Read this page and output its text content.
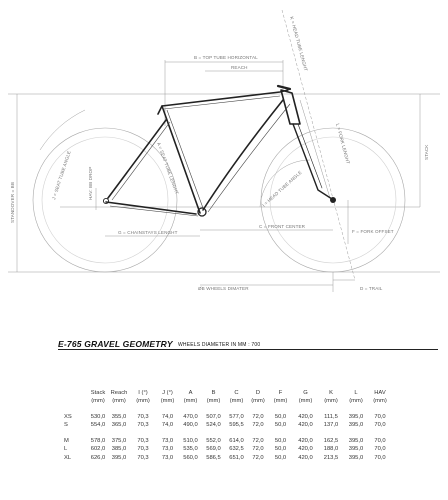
B = TOP TUBE HORIZONTAL
REACH	K = HEAD TUBE LENGHT
L = FORK LENGHT	STACK
A = SEAT TUBE LENGHT
J = SEAT TUBE ANGLE	HAV: BB DROP
STANDOVER = BB	I = HEAD TUBE ANGLE
G = CHAINSTAYS LENGHT
C = FRONT CENTER
F = FORK OFFSET
ØB WHEELS DIMATER	D = TRAIL
E-765 GRAVEL GEOMETRY WHEELS DIAMETER IN MM : 700
	Stack	Reach	I (°)	J (°)	A	B	C	D	F	G	K	L	HAV
	(mm)	(mm)	(mm)	(mm)	(mm)	(mm)	(mm)	(mm)	(mm)	(mm)	(mm)	(mm)	(mm)

XS	530,0	355,0	70,3	74,0	470,0	507,0	577,0	72,0	50,0	420,0	111,5	395,0	70,0
S	554,0	365,0	70,3	74,0	490,0	524,0	595,5	72,0	50,0	420,0	137,0	395,0	70,0

M	578,0	375,0	70,3	73,0	510,0	552,0	614,0	72,0	50,0	420,0	162,5	395,0	70,0
L	602,0	385,0	70,3	73,0	535,0	569,0	632,5	72,0	50,0	420,0	188,0	395,0	70,0
XL	626,0	395,0	70,3	73,0	560,0	586,5	651,0	72,0	50,0	420,0	213,5	395,0	70,0
